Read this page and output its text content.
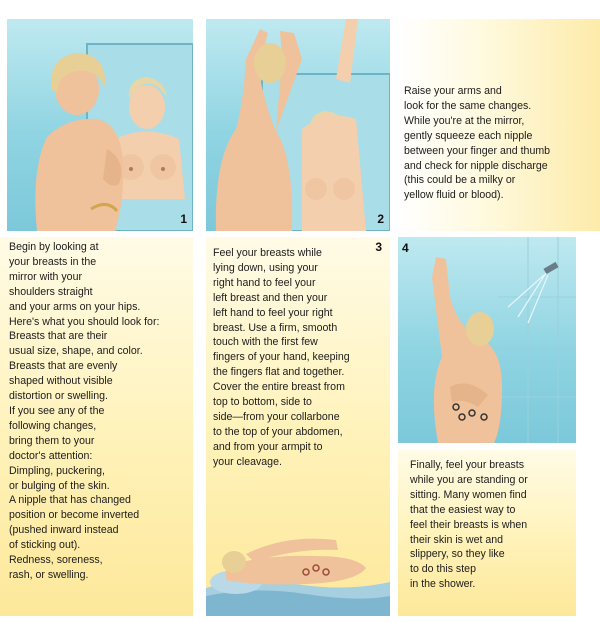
1	2
Raise your arms and
look for the same changes.
While you're at the mirror,
gently squeeze each nipple
between your finger and thumb
and check for nipple discharge
(this could be a milky or
yellow fluid or blood).
Begin by looking at
your breasts in the
mirror with your
shoulders straight
and your arms on your hips.
Here's what you should look for:
Breasts that are their
usual size, shape, and color.
Breasts that are evenly
shaped without visible
distortion or swelling.
If you see any of the
following changes,
bring them to your
doctor's attention:
Dimpling, puckering,
or bulging of the skin.
A nipple that has changed
position or become inverted
(pushed inward instead
of sticking out).
Redness, soreness,
rash, or swelling.
3
Feel your breasts while
lying down, using your
right hand to feel your
left breast and then your
left hand to feel your right
breast. Use a firm, smooth
touch with the first few
fingers of your hand, keeping
the fingers flat and together.
Cover the entire breast from
top to bottom, side to
side—from your collarbone
to the top of your abdomen,
and from your armpit to
your cleavage.
4
Finally, feel your breasts
while you are standing or
sitting. Many women find
that the easiest way to
feel their breasts is when
their skin is wet and
slippery, so they like
to do this step
in the shower.
